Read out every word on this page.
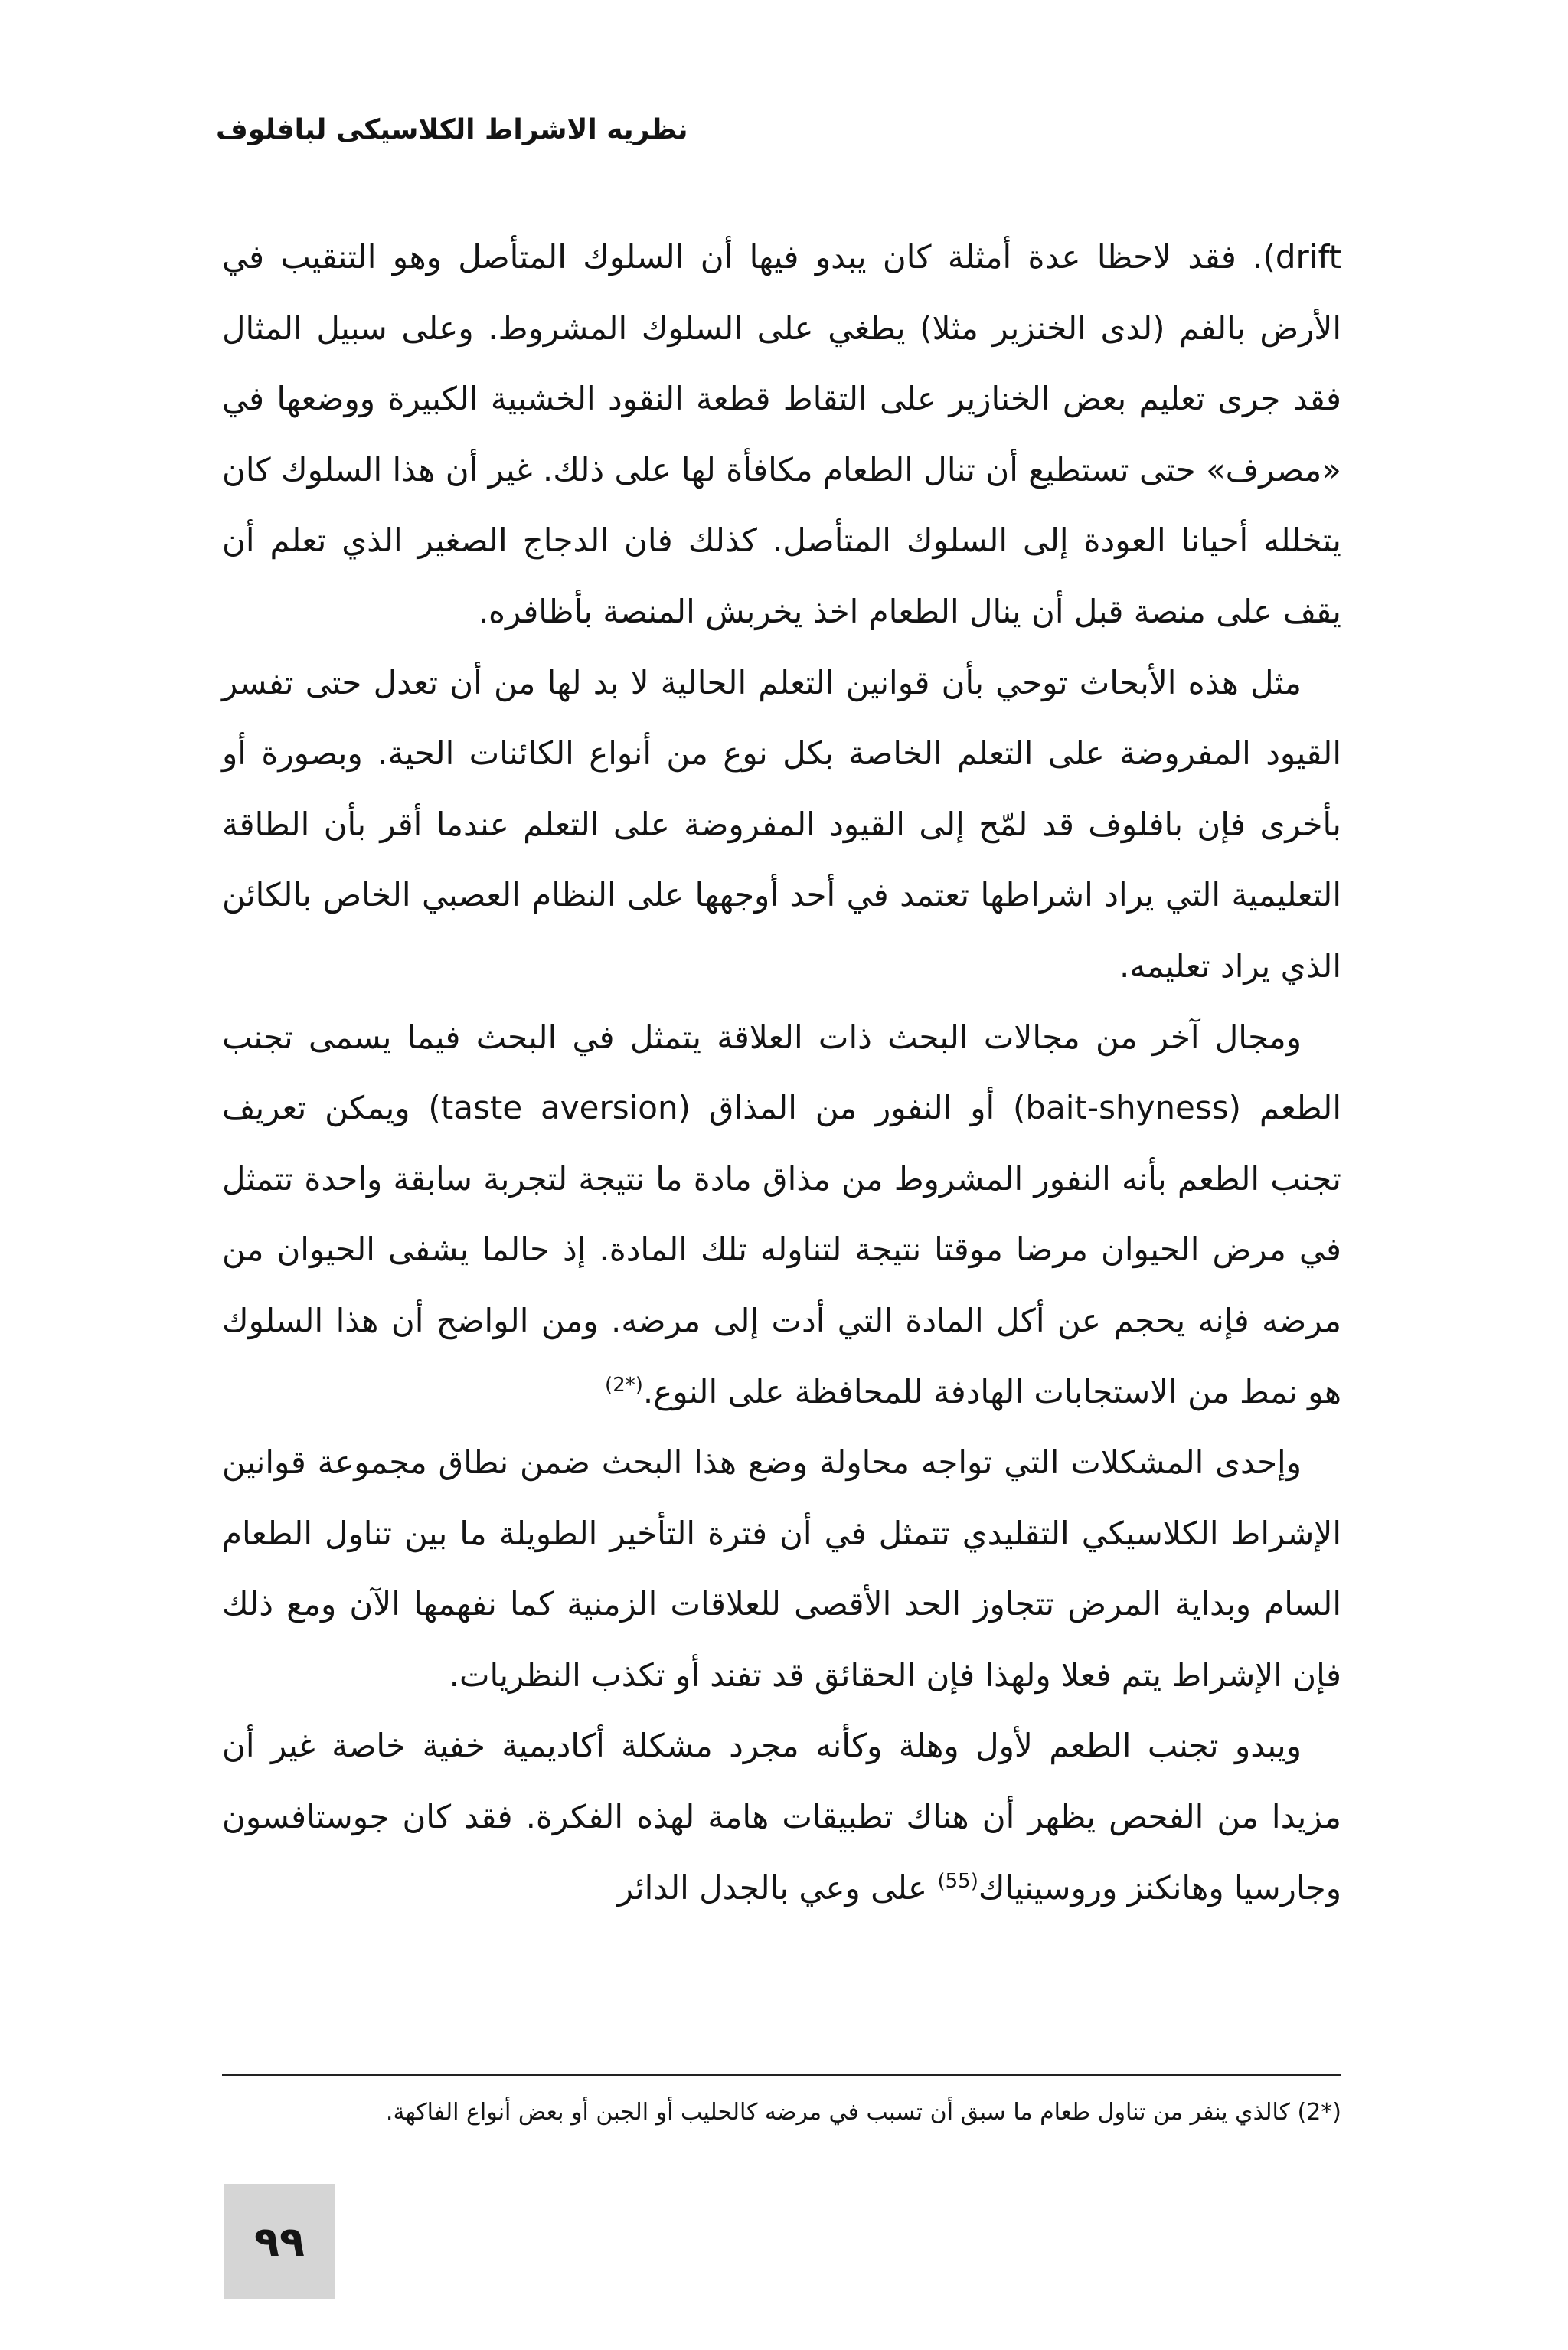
نظريه الاشراط الكلاسيكى لبافلوف

drift). فقد لاحظا عدة أمثلة كان يبدو فيها أن السلوك المتأصل وهو التنقيب في الأرض بالفم (لدى الخنزير مثلا) يطغي على السلوك المشروط. وعلى سبيل المثال فقد جرى تعليم بعض الخنازير على التقاط قطعة النقود الخشبية الكبيرة ووضعها في «مصرف» حتى تستطيع أن تنال الطعام مكافأة لها على ذلك. غير أن هذا السلوك كان يتخلله أحيانا العودة إلى السلوك المتأصل. كذلك فان الدجاج الصغير الذي تعلم أن يقف على منصة قبل أن ينال الطعام اخذ يخربش المنصة بأظافره.

مثل هذه الأبحاث توحي بأن قوانين التعلم الحالية لا بد لها من أن تعدل حتى تفسر القيود المفروضة على التعلم الخاصة بكل نوع من أنواع الكائنات الحية. وبصورة أو بأخرى فإن بافلوف قد لمّح إلى القيود المفروضة على التعلم عندما أقر بأن الطاقة التعليمية التي يراد اشراطها تعتمد في أحد أوجهها على النظام العصبي الخاص بالكائن الذي يراد تعليمه.

ومجال آخر من مجالات البحث ذات العلاقة يتمثل في البحث فيما يسمى تجنب الطعم (bait-shyness) أو النفور من المذاق (taste aversion) ويمكن تعريف تجنب الطعم بأنه النفور المشروط من مذاق مادة ما نتيجة لتجربة سابقة واحدة تتمثل في مرض الحيوان مرضا موقتا نتيجة لتناوله تلك المادة. إذ حالما يشفى الحيوان من مرضه فإنه يحجم عن أكل المادة التي أدت إلى مرضه. ومن الواضح أن هذا السلوك هو نمط من الاستجابات الهادفة للمحافظة على النوع.$^{(*2)}$

وإحدى المشكلات التي تواجه محاولة وضع هذا البحث ضمن نطاق مجموعة قوانين الإشراط الكلاسيكي التقليدي تتمثل في أن فترة التأخير الطويلة ما بين تناول الطعام السام وبداية المرض تتجاوز الحد الأقصى للعلاقات الزمنية كما نفهمها الآن ومع ذلك فإن الإشراط يتم فعلا ولهذا فإن الحقائق قد تفند أو تكذب النظريات.

ويبدو تجنب الطعم لأول وهلة وكأنه مجرد مشكلة أكاديمية خفية خاصة غير أن مزيدا من الفحص يظهر أن هناك تطبيقات هامة لهذه الفكرة. فقد كان جوستافسون وجارسيا وهانكنز وروسينياك$^{(55)}$ على وعي بالجدل الدائر

(*2) كالذي ينفر من تناول طعام ما سبق أن تسبب في مرضه كالحليب أو الجبن أو بعض أنواع الفاكهة.

٩٩
